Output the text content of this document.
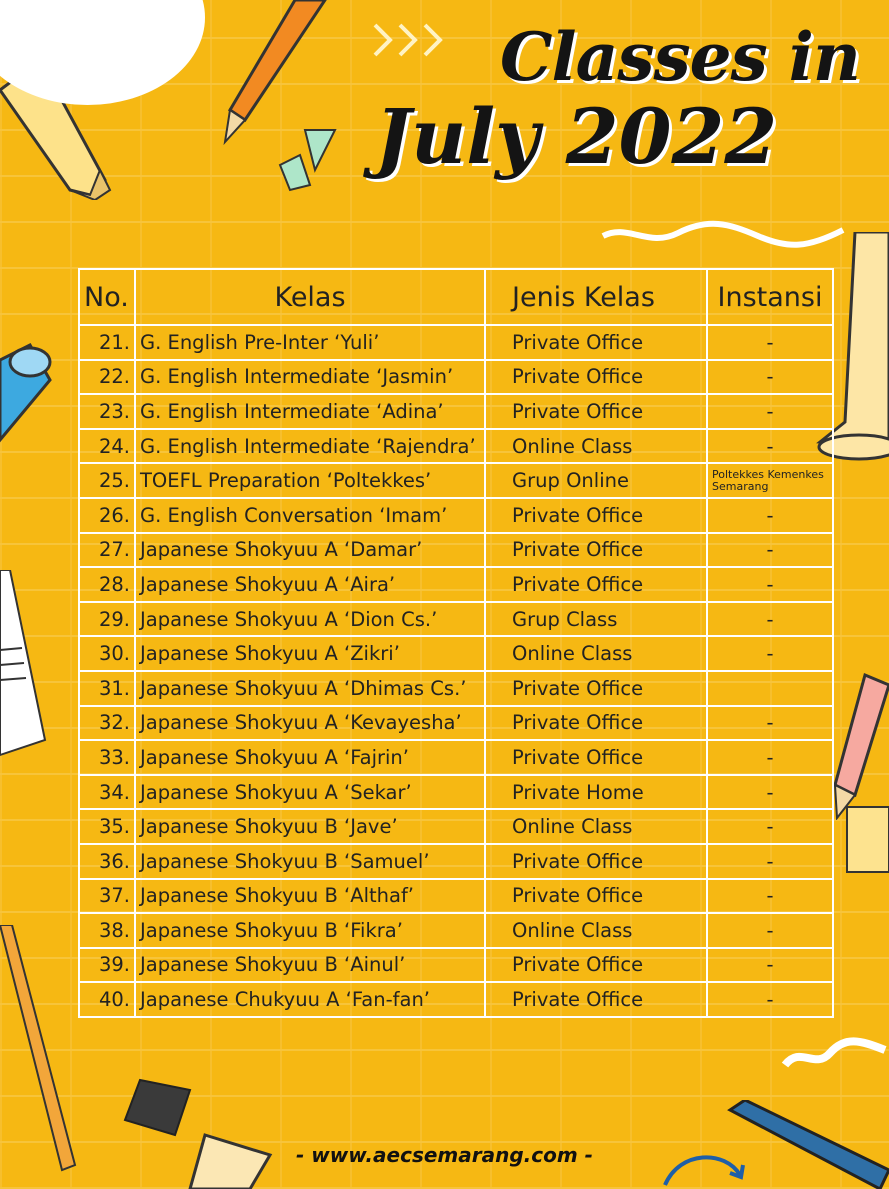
Classes in
July 2022
No.	Kelas	Jenis Kelas	Instansi
21.	G. English Pre-Inter ‘Yuli’	Private Office	-
22.	G. English Intermediate ‘Jasmin’	Private Office	-
23.	G. English Intermediate ‘Adina’	Private Office	-
24.	G. English Intermediate ‘Rajendra’	Online Class	-
25.	TOEFL Preparation ‘Poltekkes’	Grup Online	Poltekkes Kemenkes Semarang
26.	G. English Conversation ‘Imam’	Private Office	-
27.	Japanese Shokyuu A ‘Damar’	Private Office	-
28.	Japanese Shokyuu A ‘Aira’	Private Office	-
29.	Japanese Shokyuu A ‘Dion Cs.’	Grup Class	-
30.	Japanese Shokyuu A ‘Zikri’	Online Class	-
31.	Japanese Shokyuu A ‘Dhimas Cs.’	Private Office	
32.	Japanese Shokyuu A ‘Kevayesha’	Private Office	-
33.	Japanese Shokyuu A ‘Fajrin’	Private Office	-
34.	Japanese Shokyuu A ‘Sekar’	Private Home	-
35.	Japanese Shokyuu B ‘Jave’	Online Class	-
36.	Japanese Shokyuu B ‘Samuel’	Private Office	-
37.	Japanese Shokyuu B ‘Althaf’	Private Office	-
38.	Japanese Shokyuu B ‘Fikra’	Online Class	-
39.	Japanese Shokyuu B ‘Ainul’	Private Office	-
40.	Japanese Chukyuu A ‘Fan-fan’	Private Office	-
- www.aecsemarang.com -
